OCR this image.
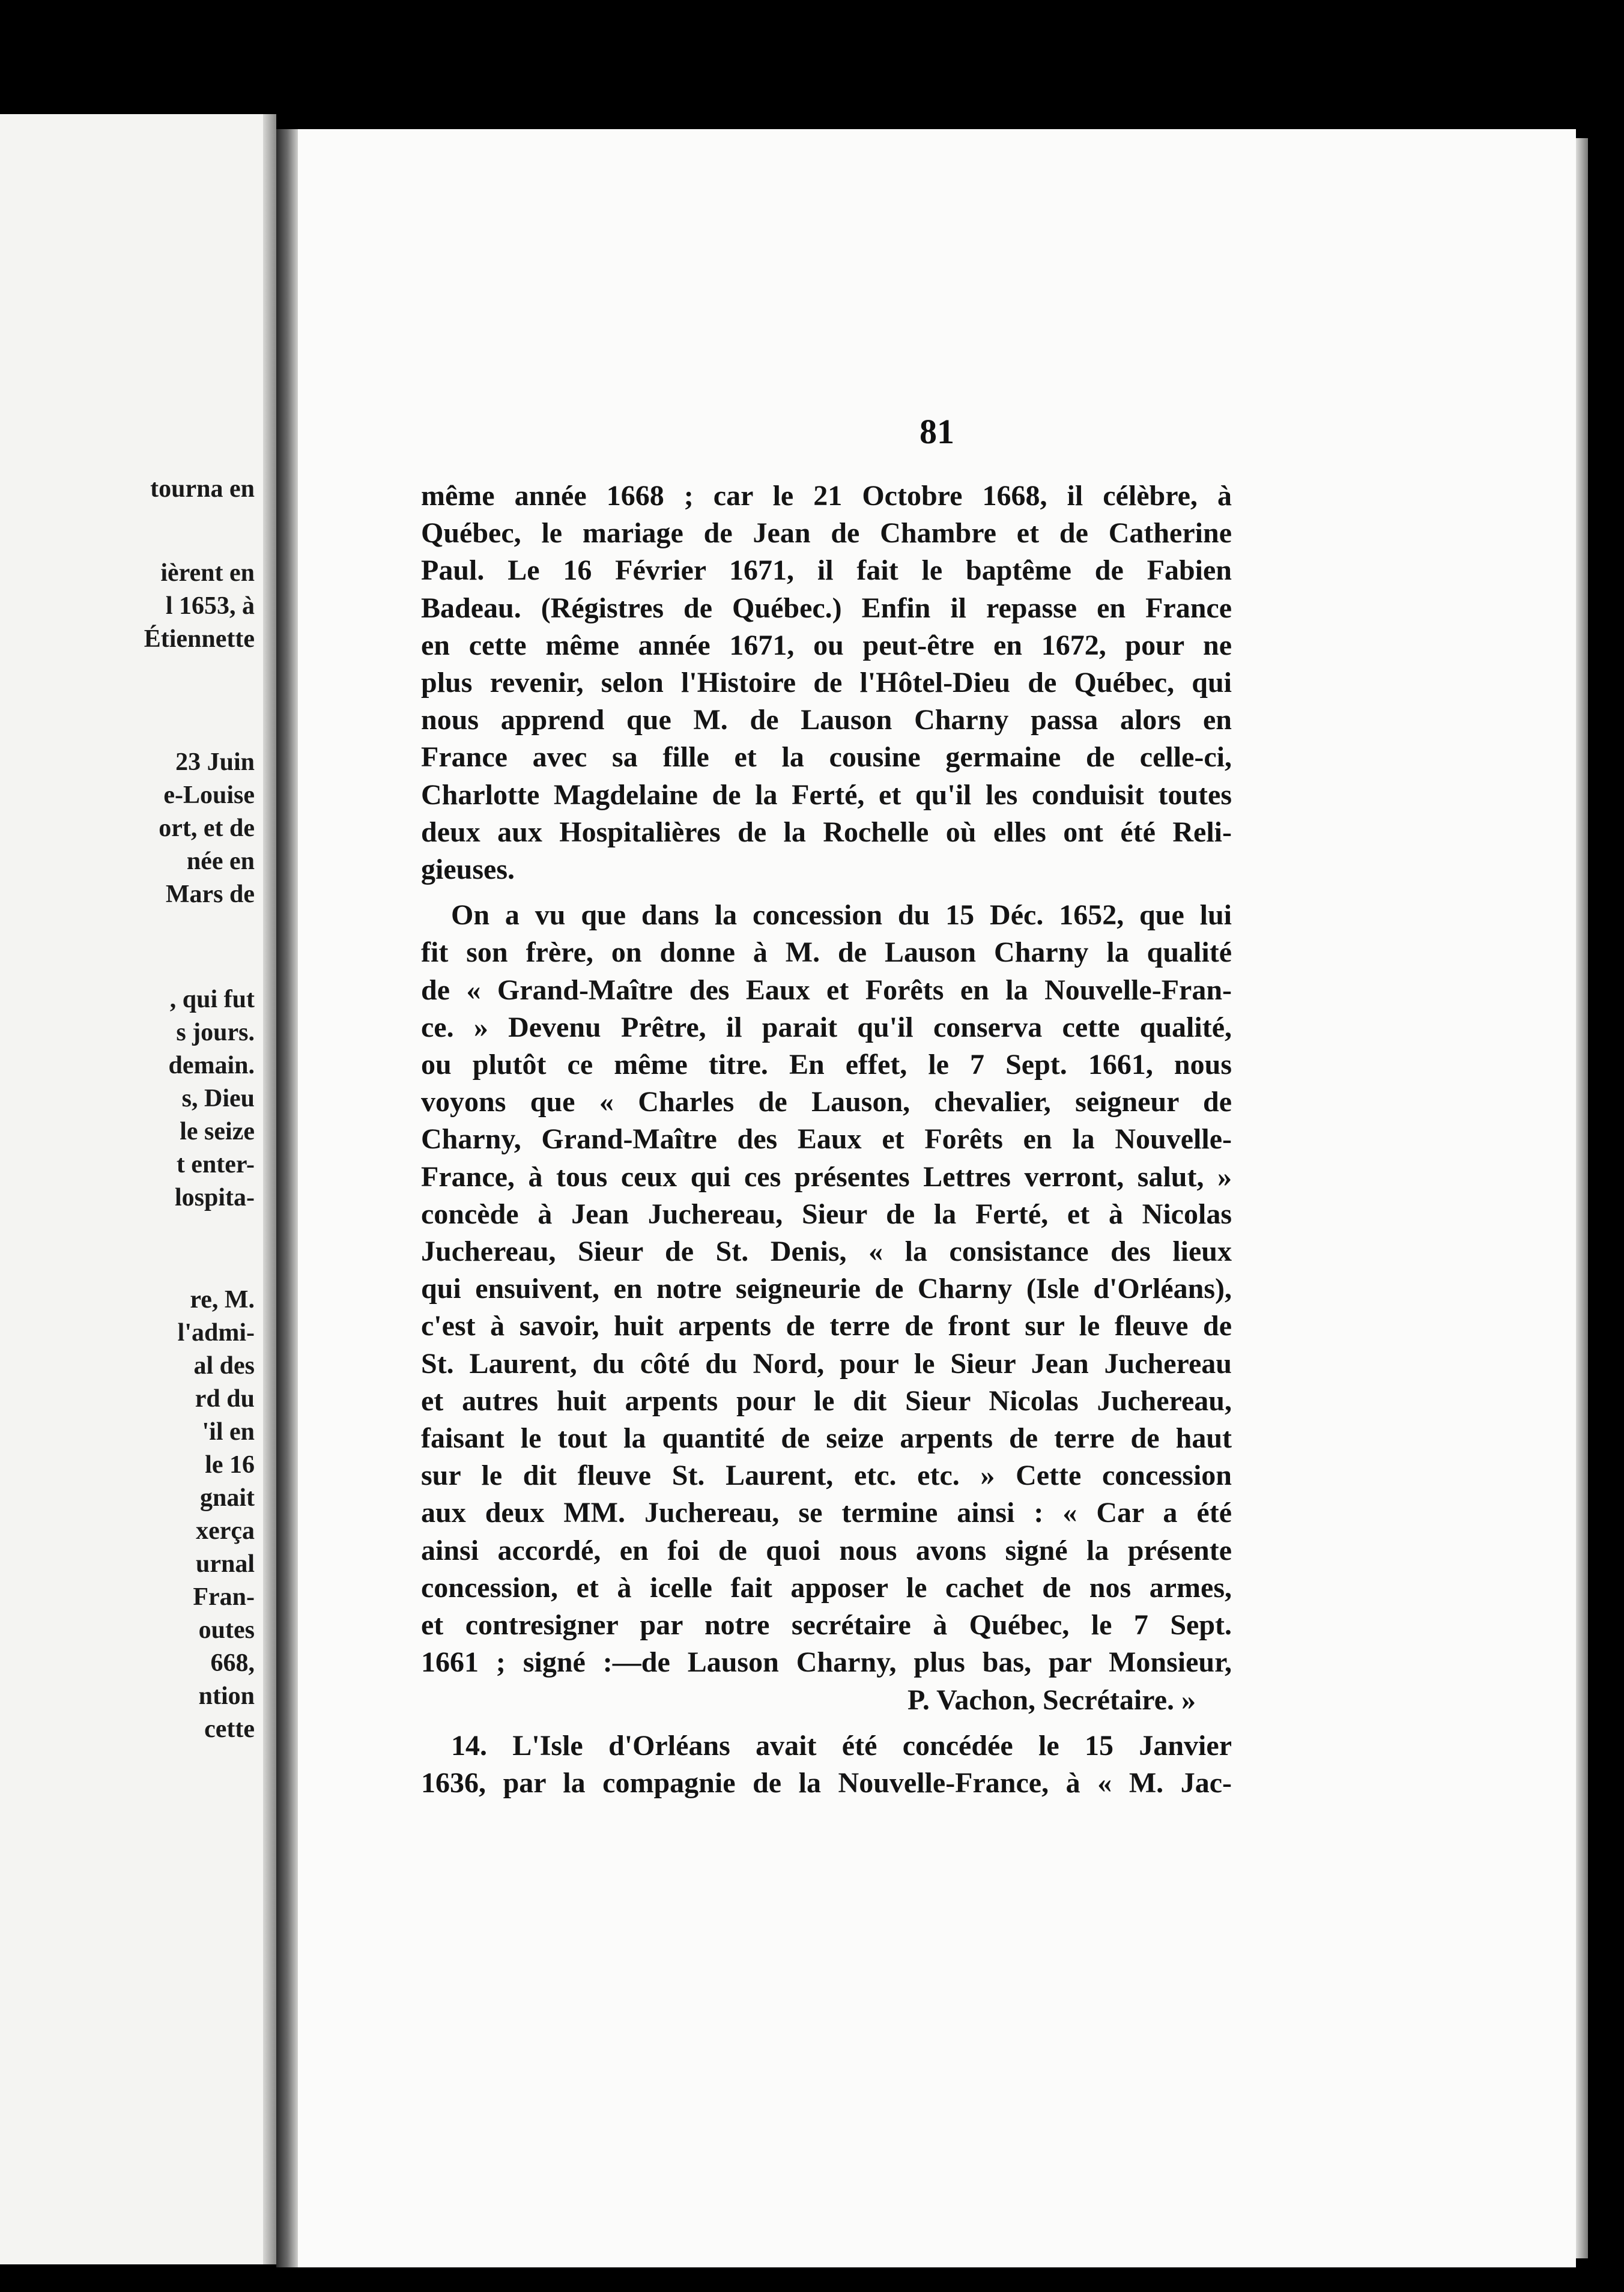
tourna en
ièrent en
l 1653, à
Étiennette
23 Juin
e-Louise
ort, et de
née en
Mars de
, qui fut
s jours.
demain.
s, Dieu
le seize
t enter-
lospita-
re, M.
l'admi-
al des
rd du
'il en
le 16
gnait
xerça
urnal
Fran-
outes
668,
ntion
cette
81
même année 1668 ; car le 21 Octobre 1668, il célèbre, à
Québec, le mariage de Jean de Chambre et de Catherine
Paul. Le 16 Février 1671, il fait le baptême de Fabien
Badeau. (Régistres de Québec.) Enfin il repasse en France
en cette même année 1671, ou peut-être en 1672, pour ne
plus revenir, selon l'Histoire de l'Hôtel-Dieu de Québec, qui
nous apprend que M. de Lauson Charny passa alors en
France avec sa fille et la cousine germaine de celle-ci,
Charlotte Magdelaine de la Ferté, et qu'il les conduisit toutes
deux aux Hospitalières de la Rochelle où elles ont été Reli-
gieuses.
On a vu que dans la concession du 15 Déc. 1652, que lui
fit son frère, on donne à M. de Lauson Charny la qualité
de « Grand-Maître des Eaux et Forêts en la Nouvelle-Fran-
ce. » Devenu Prêtre, il parait qu'il conserva cette qualité,
ou plutôt ce même titre. En effet, le 7 Sept. 1661, nous
voyons que « Charles de Lauson, chevalier, seigneur de
Charny, Grand-Maître des Eaux et Forêts en la Nouvelle-
France, à tous ceux qui ces présentes Lettres verront, salut, »
concède à Jean Juchereau, Sieur de la Ferté, et à Nicolas
Juchereau, Sieur de St. Denis, « la consistance des lieux
qui ensuivent, en notre seigneurie de Charny (Isle d'Orléans),
c'est à savoir, huit arpents de terre de front sur le fleuve de
St. Laurent, du côté du Nord, pour le Sieur Jean Juchereau
et autres huit arpents pour le dit Sieur Nicolas Juchereau,
faisant le tout la quantité de seize arpents de terre de haut
sur le dit fleuve St. Laurent, etc. etc. » Cette concession
aux deux MM. Juchereau, se termine ainsi : « Car a été
ainsi accordé, en foi de quoi nous avons signé la présente
concession, et à icelle fait apposer le cachet de nos armes,
et contresigner par notre secrétaire à Québec, le 7 Sept.
1661 ; signé :—de Lauson Charny, plus bas, par Monsieur,
P. Vachon, Secrétaire. »
14. L'Isle d'Orléans avait été concédée le 15 Janvier
1636, par la compagnie de la Nouvelle-France, à « M. Jac-
